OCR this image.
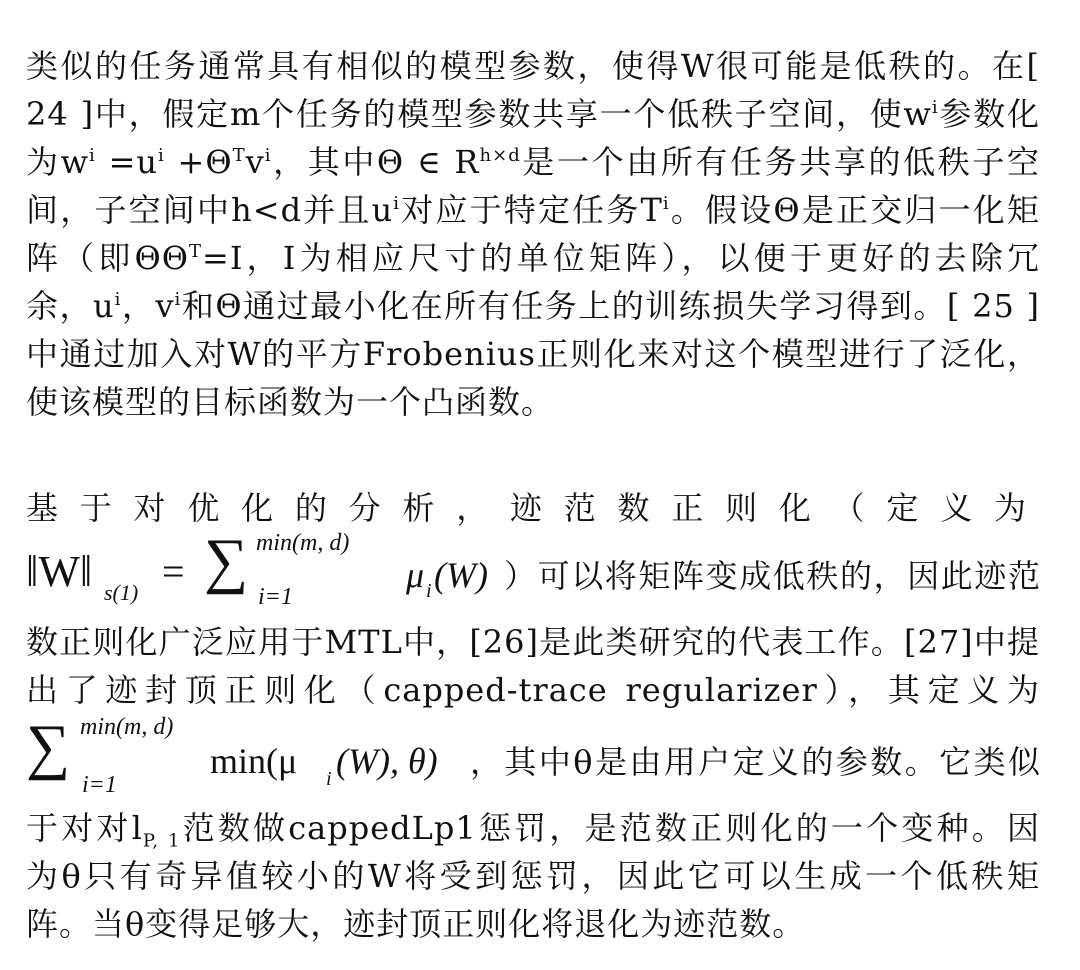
类似的任务通常具有相似的模型参数，使得W很可能是低秩的。在[
24 ]中，假定m个任务的模型参数共享一个低秩子空间，使$w^i$参数化
为$w^i =u^i +\Theta^Tv^i$，其中Θ ∈ $R^{h\times d}$是一个由所有任务共享的低秩子空
间，子空间中h<d并且$u^i$对应于特定任务$T^i$。假设Θ是正交归一化矩
阵（即$\Theta\Theta^T=I$，I为相应尺寸的单位矩阵），以便于更好的去除冗
余，$u^i$，$v^i$和Θ通过最小化在所有任务上的训练损失学习得到。[ 25 ]
中通过加入对W的平方Frobenius正则化来对这个模型进行了泛化，
使该模型的目标函数为一个凸函数。
基于对优化的分析，迹范数正则化（定义为
‖W‖ s(1) = ∑ min(m, d)
i=1
μ i (W) ）可以将矩阵变成低秩的，因此迹范
数正则化广泛应用于MTL中，[26]是此类研究的代表工作。[27]中提
出了迹封顶正则化（capped-trace regularizer），其定义为
∑ min(m, d)
i=1
min(μ i (W), θ) ，其中θ是由用户定义的参数。它类似
于对对$l_{P, 1}$范数做cappedLp1惩罚，是范数正则化的一个变种。因
为θ只有奇异值较小的W将受到惩罚，因此它可以生成一个低秩矩
阵。当θ变得足够大，迹封顶正则化将退化为迹范数。
